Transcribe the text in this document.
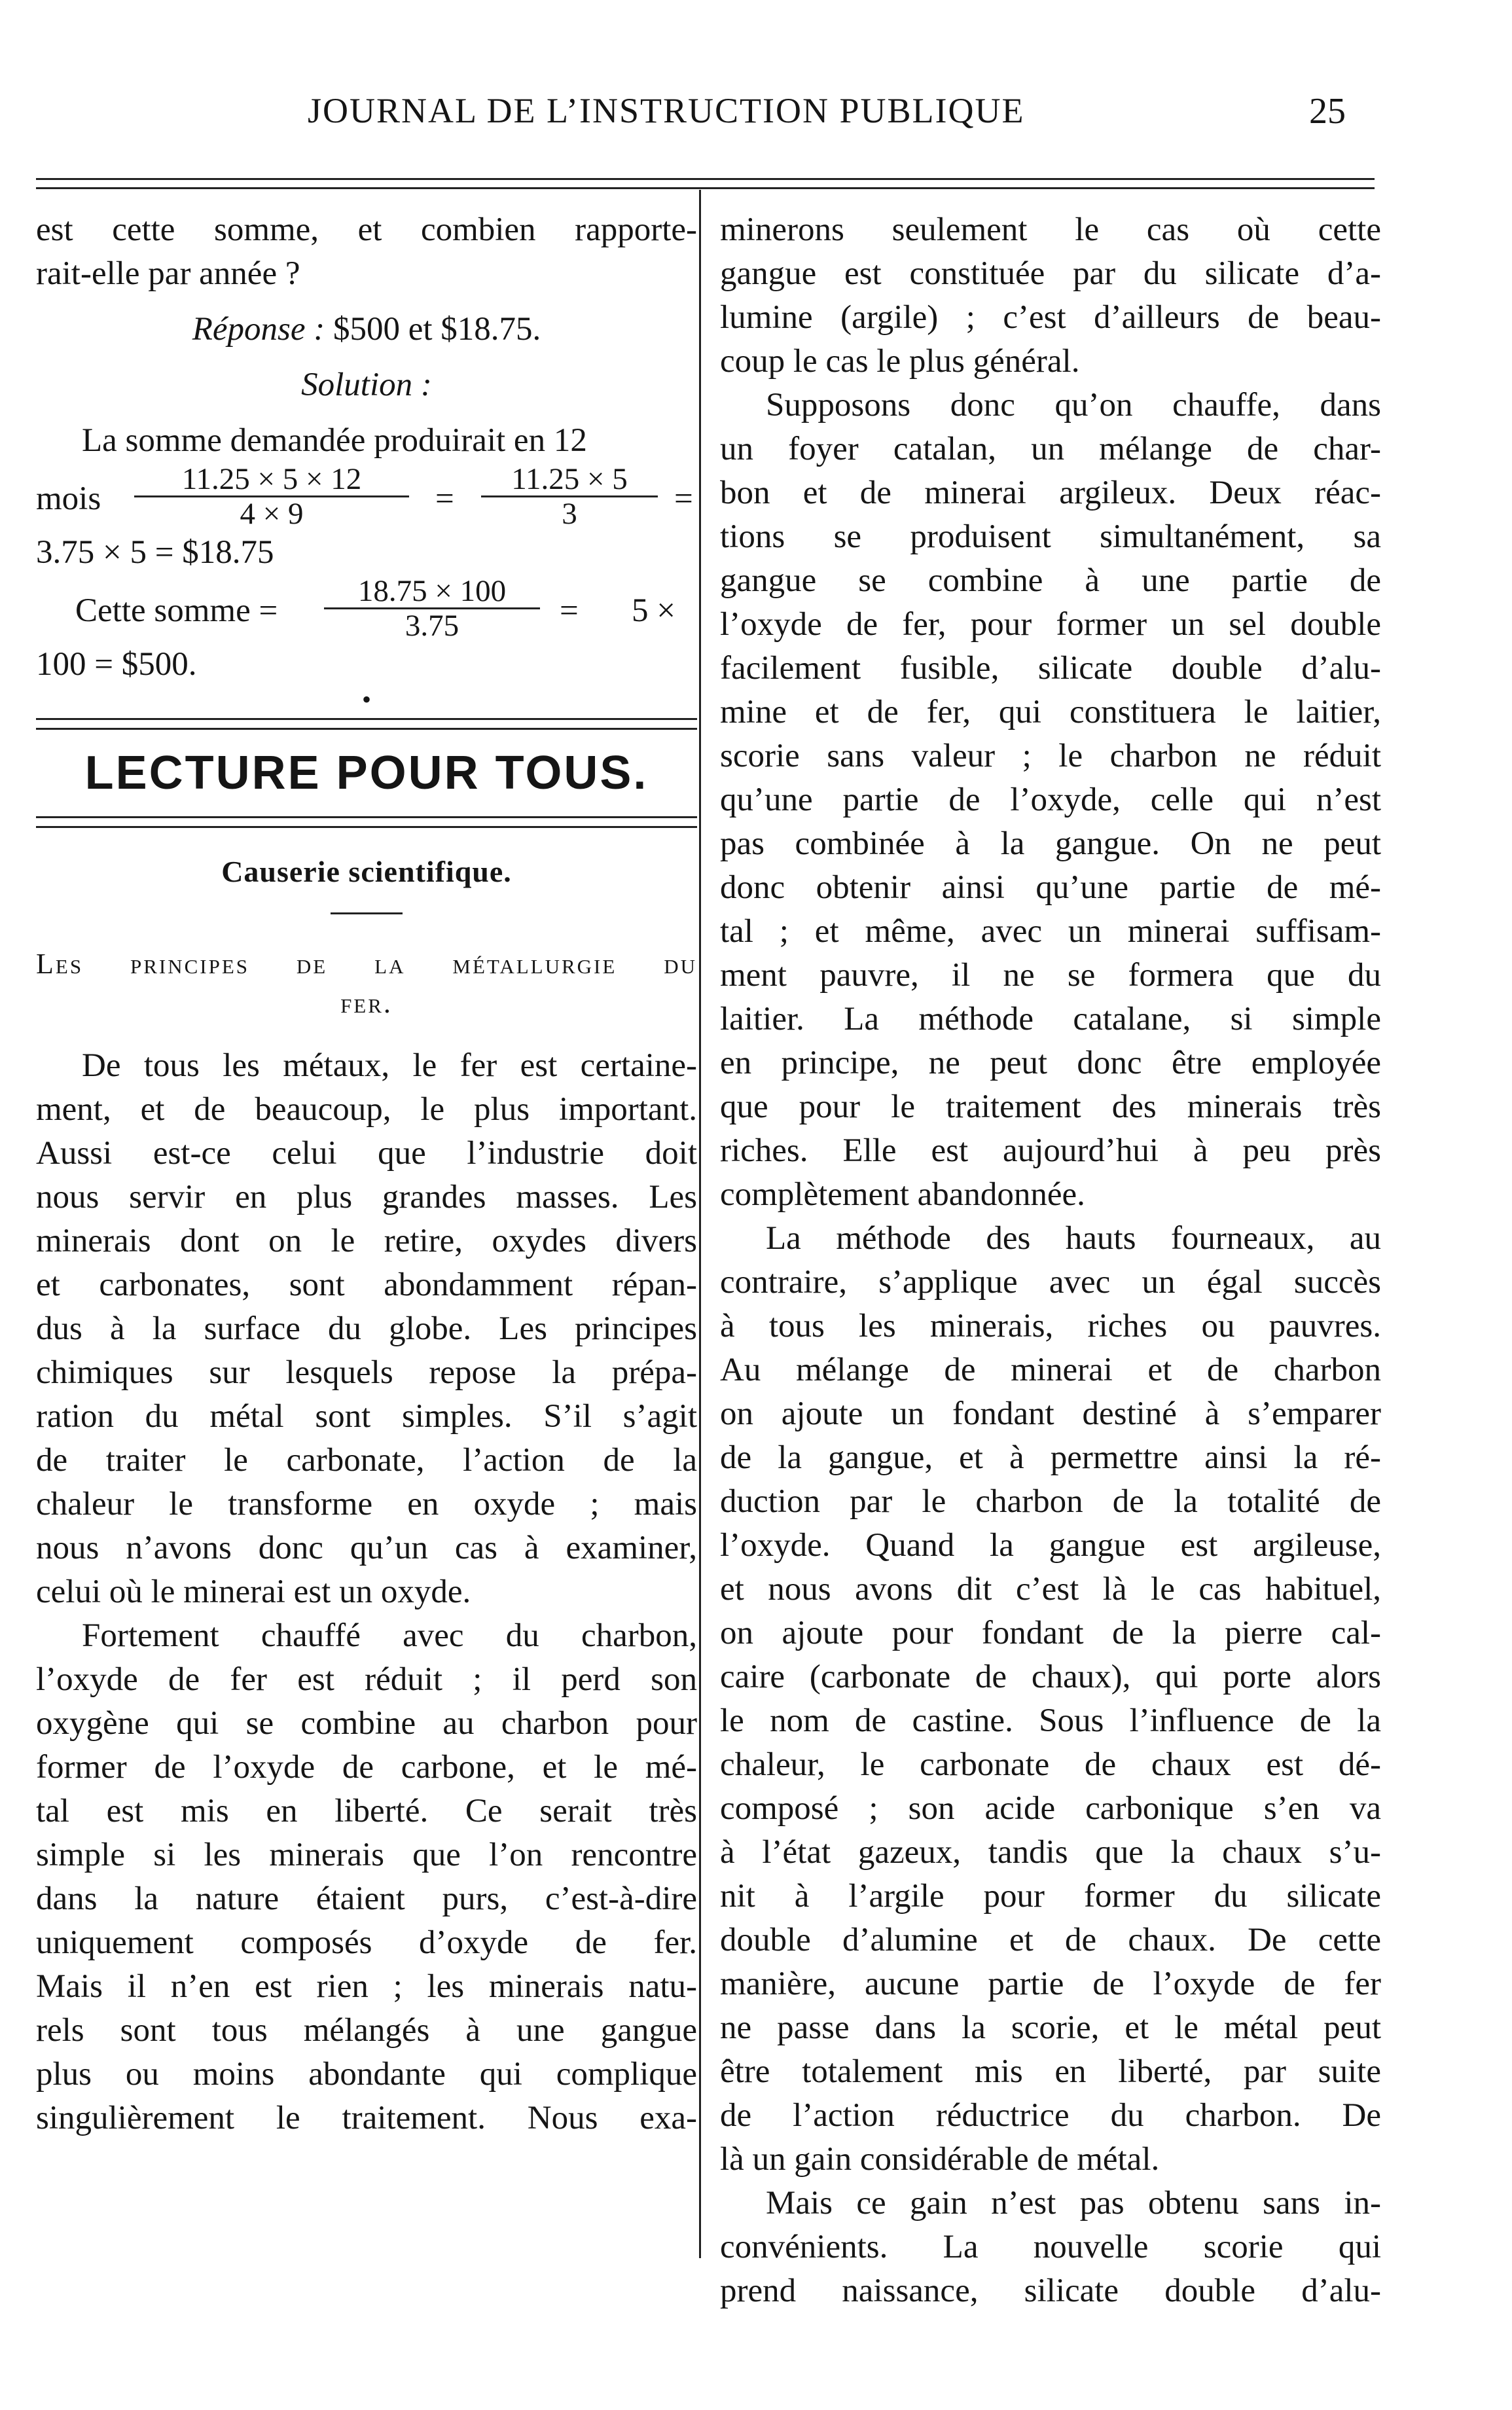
JOURNAL DE L’INSTRUCTION PUBLIQUE	25
est cette somme, et combien rapporte-
rait-elle par année ?
Réponse : $500 et $18.75.
Solution :
La somme demandée produirait en 12
mois $\frac{11.25 \times 5 \times 12}{4 \times 9} = \frac{11.25 \times 5}{3}$ =
3.75 × 5 = $18.75
Cette somme = $\frac{18.75 \times 100}{3.75} = 5$ ×
100 = $500.
•
LECTURE POUR TOUS.
Causerie scientifique.
Les principes de la métallurgie du
fer.
De tous les métaux, le fer est certaine-
ment, et de beaucoup, le plus important.
Aussi est-ce celui que l’industrie doit
nous servir en plus grandes masses. Les
minerais dont on le retire, oxydes divers
et carbonates, sont abondamment répan-
dus à la surface du globe. Les principes
chimiques sur lesquels repose la prépa-
ration du métal sont simples. S’il s’agit
de traiter le carbonate, l’action de la
chaleur le transforme en oxyde ; mais
nous n’avons donc qu’un cas à examiner,
celui où le minerai est un oxyde.
Fortement chauffé avec du charbon,
l’oxyde de fer est réduit ; il perd son
oxygène qui se combine au charbon pour
former de l’oxyde de carbone, et le mé-
tal est mis en liberté. Ce serait très
simple si les minerais que l’on rencontre
dans la nature étaient purs, c’est-à-dire
uniquement composés d’oxyde de fer.
Mais il n’en est rien ; les minerais natu-
rels sont tous mélangés à une gangue
plus ou moins abondante qui complique
singulièrement le traitement. Nous exa-
minerons seulement le cas où cette
gangue est constituée par du silicate d’a-
lumine (argile) ; c’est d’ailleurs de beau-
coup le cas le plus général.
Supposons donc qu’on chauffe, dans
un foyer catalan, un mélange de char-
bon et de minerai argileux. Deux réac-
tions se produisent simultanément, sa
gangue se combine à une partie de
l’oxyde de fer, pour former un sel double
facilement fusible, silicate double d’alu-
mine et de fer, qui constituera le laitier,
scorie sans valeur ; le charbon ne réduit
qu’une partie de l’oxyde, celle qui n’est
pas combinée à la gangue. On ne peut
donc obtenir ainsi qu’une partie de mé-
tal ; et même, avec un minerai suffisam-
ment pauvre, il ne se formera que du
laitier. La méthode catalane, si simple
en principe, ne peut donc être employée
que pour le traitement des minerais très
riches. Elle est aujourd’hui à peu près
complètement abandonnée.
La méthode des hauts fourneaux, au
contraire, s’applique avec un égal succès
à tous les minerais, riches ou pauvres.
Au mélange de minerai et de charbon
on ajoute un fondant destiné à s’emparer
de la gangue, et à permettre ainsi la ré-
duction par le charbon de la totalité de
l’oxyde. Quand la gangue est argileuse,
et nous avons dit c’est là le cas habituel,
on ajoute pour fondant de la pierre cal-
caire (carbonate de chaux), qui porte alors
le nom de castine. Sous l’influence de la
chaleur, le carbonate de chaux est dé-
composé ; son acide carbonique s’en va
à l’état gazeux, tandis que la chaux s’u-
nit à l’argile pour former du silicate
double d’alumine et de chaux. De cette
manière, aucune partie de l’oxyde de fer
ne passe dans la scorie, et le métal peut
être totalement mis en liberté, par suite
de l’action réductrice du charbon. De
là un gain considérable de métal.
Mais ce gain n’est pas obtenu sans in-
convénients. La nouvelle scorie qui
prend naissance, silicate double d’alu-
